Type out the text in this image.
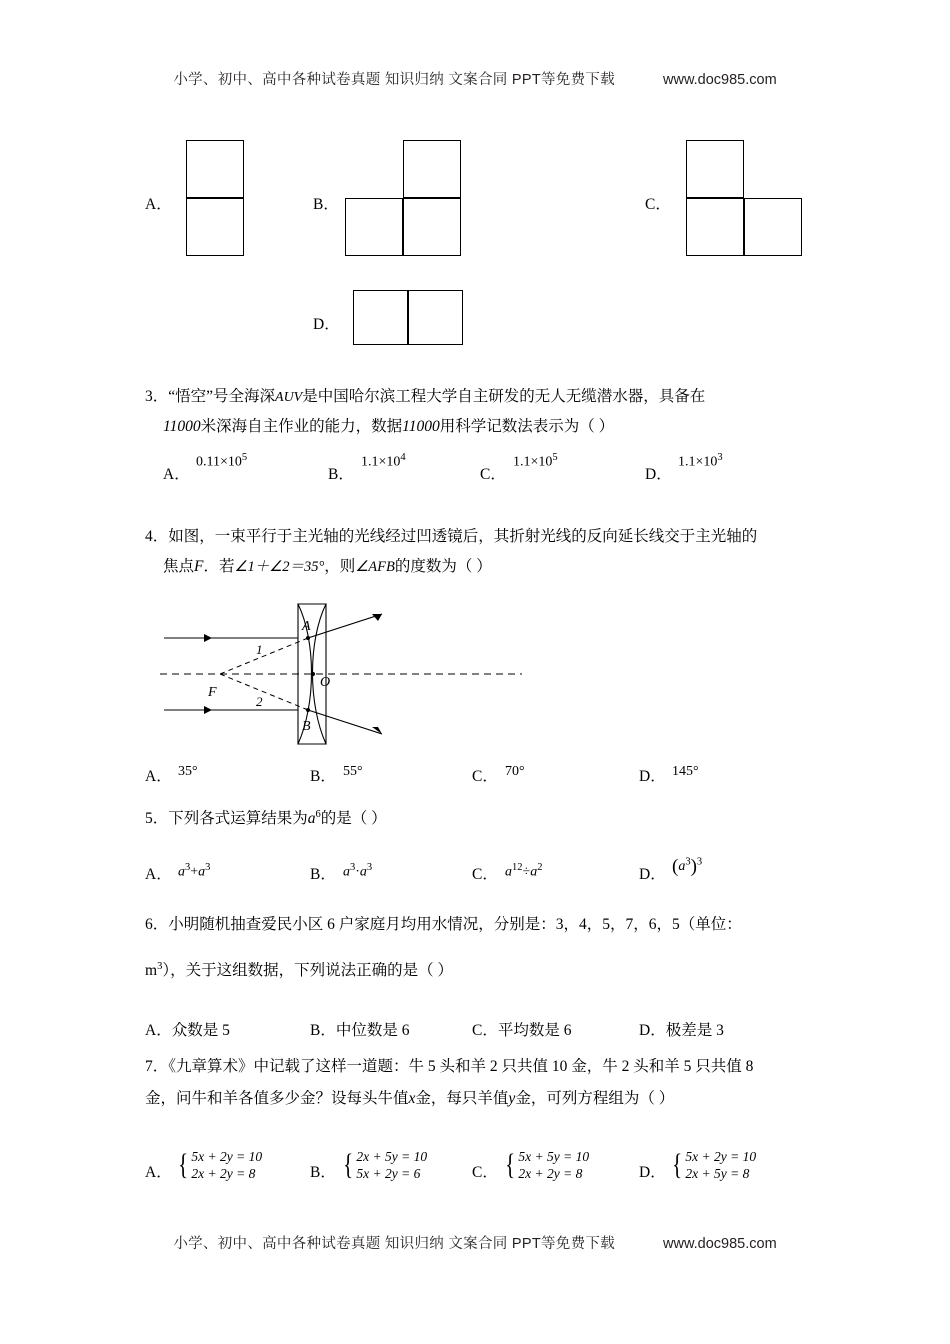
小学、初中、高中各种试卷真题 知识归纳 文案合同 PPT等免费下载	www.doc985.com
A．	B．	C．
D．
3．“悟空”号全海深AUV是中国哈尔滨工程大学自主研发的无人无缆潜水器，具备在
11000米深海自主作业的能力，数据11000用科学记数法表示为（ ）
A．
$0.11\times 10^5$
B．
$1.1\times 10^4$
C．
$1.1\times 10^5$
D．
$1.1\times 10^3$
4．如图，一束平行于主光轴的光线经过凹透镜后，其折射光线的反向延长线交于主光轴的
焦点F．若∠1＋∠2＝35°，则∠AFB的度数为（ ）
A
B
F
O
1
2
A． 35°	B． 55°	C． 70°	D． 145°
5．下列各式运算结果为$a^6$的是（ ）
A． $a^3+a^3$	B． $a^3\cdot a^3$	C． $a^{12}\div a^2$	D． $(a^3)^3$
6．小明随机抽查爱民小区 6 户家庭月均用水情况，分别是：3，4，5，7，6，5（单位：
$m^3$），关于这组数据，下列说法正确的是（ ）
A．众数是 5	B．中位数是 6	C．平均数是 6	D．极差是 3
7．《九章算术》中记载了这样一道题：牛 5 头和羊 2 只共值 10 金，牛 2 头和羊 5 只共值 8
金，问牛和羊各值多少金？设每头牛值x金，每只羊值y金，可列方程组为（ ）
A． { 5x + 2y = 10
2x + 2y = 8	B． { 2x + 5y = 10
5x + 2y = 6	C． { 5x + 5y = 10
2x + 2y = 8	D． { 5x + 2y = 10
2x + 5y = 8
小学、初中、高中各种试卷真题 知识归纳 文案合同 PPT等免费下载	www.doc985.com
